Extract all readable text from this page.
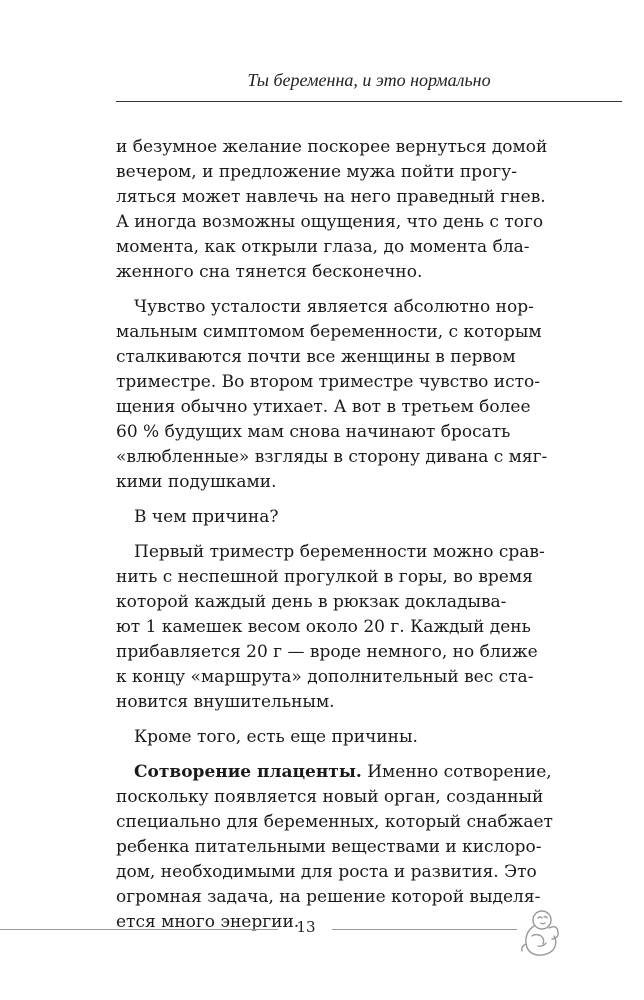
Ты беременна, и это нормально

и безумное желание поскорее вернуться домой
вечером, и предложение мужа пойти прогу-
ляться может навлечь на него праведный гнев.
А иногда возможны ощущения, что день с того
момента, как открыли глаза, до момента бла-
женного сна тянется бесконечно.

Чувство усталости является абсолютно нор-
мальным симптомом беременности, с которым
сталкиваются почти все женщины в первом
триместре. Во втором триместре чувство исто-
щения обычно утихает. А вот в третьем более
60 % будущих мам снова начинают бросать
«влюбленные» взгляды в сторону дивана с мяг-
кими подушками.

В чем причина?

Первый триместр беременности можно срав-
нить с неспешной прогулкой в горы, во время
которой каждый день в рюкзак докладыва-
ют 1 камешек весом около 20 г. Каждый день
прибавляется 20 г — вроде немного, но ближе
к концу «маршрута» дополнительный вес ста-
новится внушительным.

Кроме того, есть еще причины.

Сотворение плаценты. Именно сотворение,
поскольку появляется новый орган, созданный
специально для беременных, который снабжает
ребенка питательными веществами и кислоро-
дом, необходимыми для роста и развития. Это
огромная задача, на решение которой выделя-
ется много энергии.

13
